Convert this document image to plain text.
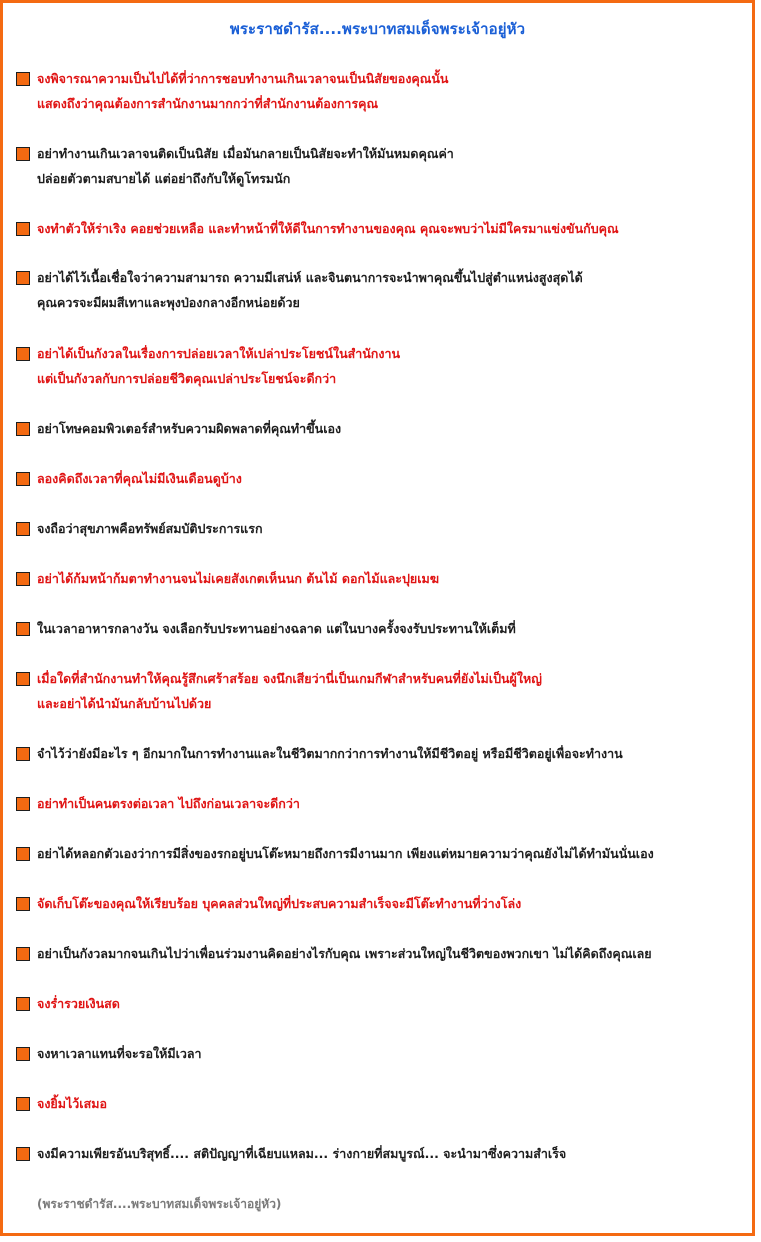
พระราชดำรัส....พระบาทสมเด็จพระเจ้าอยู่หัว
จงพิจารณาความเป็นไปได้ที่ว่าการชอบทำงานเกินเวลาจนเป็นนิสัยของคุณนั้น
แสดงถึงว่าคุณต้องการสำนักงานมากกว่าที่สำนักงานต้องการคุณ
อย่าทำงานเกินเวลาจนติดเป็นนิสัย เมื่อมันกลายเป็นนิสัยจะทำให้มันหมดคุณค่า
ปล่อยตัวตามสบายได้ แต่อย่าถึงกับให้ดูโทรมนัก
จงทำตัวให้ร่าเริง คอยช่วยเหลือ และทำหน้าที่ให้ดีในการทำงานของคุณ คุณจะพบว่าไม่มีใครมาแข่งขันกับคุณ
อย่าได้ไว้เนื้อเชื่อใจว่าความสามารถ ความมีเสน่ห์ และจินตนาการจะนำพาคุณขึ้นไปสู่ตำแหน่งสูงสุดได้
คุณควรจะมีผมสีเทาและพุงป่องกลางอีกหน่อยด้วย
อย่าได้เป็นกังวลในเรื่องการปล่อยเวลาให้เปล่าประโยชน์ในสำนักงาน
แต่เป็นกังวลกับการปล่อยชีวิตคุณเปล่าประโยชน์จะดีกว่า
อย่าโทษคอมพิวเตอร์สำหรับความผิดพลาดที่คุณทำขึ้นเอง
ลองคิดถึงเวลาที่คุณไม่มีเงินเดือนดูบ้าง
จงถือว่าสุขภาพคือทรัพย์สมบัติประการแรก
อย่าได้ก้มหน้าก้มตาทำงานจนไม่เคยสังเกตเห็นนก ต้นไม้ ดอกไม้และปุยเมฆ
ในเวลาอาหารกลางวัน จงเลือกรับประทานอย่างฉลาด แต่ในบางครั้งจงรับประทานให้เต็มที่
เมื่อใดที่สำนักงานทำให้คุณรู้สึกเศร้าสร้อย จงนึกเสียว่านี่เป็นเกมกีฬาสำหรับคนที่ยังไม่เป็นผู้ใหญ่
และอย่าได้นำมันกลับบ้านไปด้วย
จำไว้ว่ายังมีอะไร ๆ อีกมากในการทำงานและในชีวิตมากกว่าการทำงานให้มีชีวิตอยู่ หรือมีชีวิตอยู่เพื่อจะทำงาน
อย่าทำเป็นคนตรงต่อเวลา ไปถึงก่อนเวลาจะดีกว่า
อย่าได้หลอกตัวเองว่าการมีสิ่งของรกอยู่บนโต๊ะหมายถึงการมีงานมาก เพียงแต่หมายความว่าคุณยังไม่ได้ทำมันนั่นเอง
จัดเก็บโต๊ะของคุณให้เรียบร้อย บุคคลส่วนใหญ่ที่ประสบความสำเร็จจะมีโต๊ะทำงานที่ว่างโล่ง
อย่าเป็นกังวลมากจนเกินไปว่าเพื่อนร่วมงานคิดอย่างไรกับคุณ เพราะส่วนใหญ่ในชีวิตของพวกเขา ไม่ได้คิดถึงคุณเลย
จงร่ำรวยเงินสด
จงหาเวลาแทนที่จะรอให้มีเวลา
จงยิ้มไว้เสมอ
จงมีความเพียรอันบริสุทธิ์.... สติปัญญาที่เฉียบแหลม... ร่างกายที่สมบูรณ์... จะนำมาซึ่งความสำเร็จ
(พระราชดำรัส....พระบาทสมเด็จพระเจ้าอยู่หัว)
